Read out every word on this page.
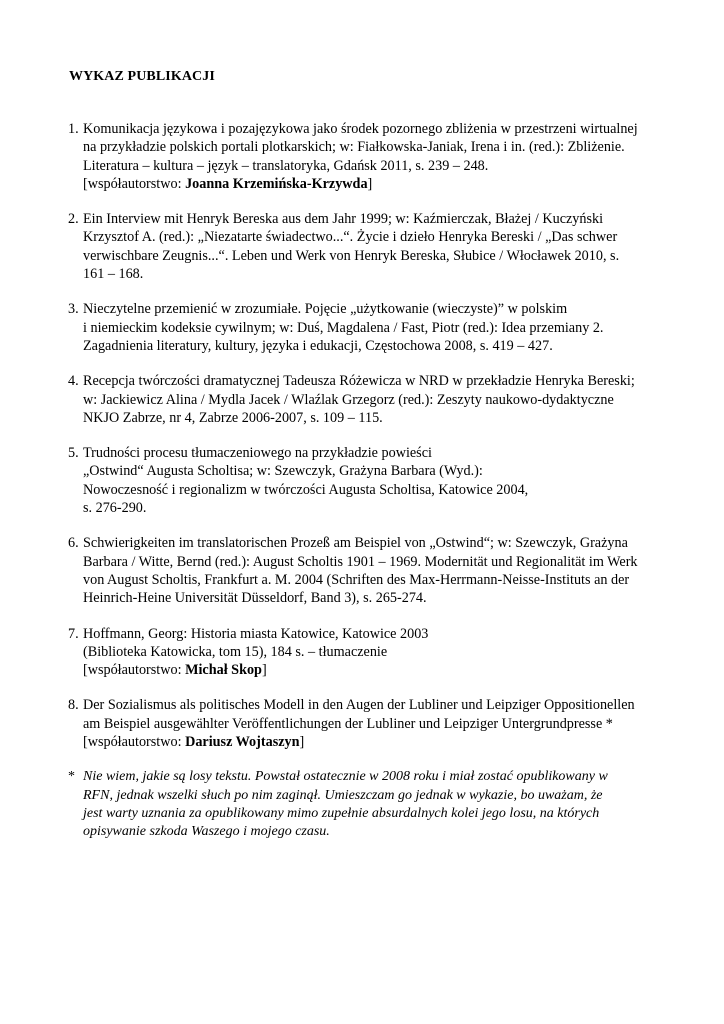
WYKAZ PUBLIKACJI
1. Komunikacja językowa i pozajęzykowa jako środek pozornego zbliżenia w przestrzeni wirtualnej
na przykładzie polskich portali plotkarskich; w: Fiałkowska-Janiak, Irena i in. (red.): Zbliżenie.
Literatura – kultura – język – translatoryka, Gdańsk 2011, s. 239 – 248.
[współautorstwo: Joanna Krzemińska-Krzywda]
2. Ein Interview mit Henryk Bereska aus dem Jahr 1999; w: Kaźmierczak, Błażej / Kuczyński
Krzysztof A. (red.): „Niezatarte świadectwo...“. Życie i dzieło Henryka Bereski / „Das schwer
verwischbare Zeugnis...“. Leben und Werk von Henryk Bereska, Słubice / Włocławek 2010, s.
161 – 168.
3. Nieczytelne przemienić w zrozumiałe. Pojęcie „użytkowanie (wieczyste)” w polskim
i niemieckim kodeksie cywilnym; w: Duś, Magdalena / Fast, Piotr (red.): Idea przemiany 2.
Zagadnienia literatury, kultury, języka i edukacji, Częstochowa 2008, s. 419 – 427.
4. Recepcja twórczości dramatycznej Tadeusza Różewicza w NRD w przekładzie Henryka Bereski;
w: Jackiewicz Alina / Mydla Jacek / Wlaźlak Grzegorz (red.): Zeszyty naukowo-dydaktyczne
NKJO Zabrze, nr 4, Zabrze 2006-2007, s. 109 – 115.
5. Trudności procesu tłumaczeniowego na przykładzie powieści
„Ostwind“ Augusta Scholtisa; w: Szewczyk, Grażyna Barbara (Wyd.):
Nowoczesność i regionalizm w twórczości Augusta Scholtisa, Katowice 2004,
s. 276-290.
6. Schwierigkeiten im translatorischen Prozeß am Beispiel von „Ostwind“; w: Szewczyk, Grażyna
Barbara / Witte, Bernd (red.): August Scholtis 1901 – 1969. Modernität und Regionalität im Werk
von August Scholtis, Frankfurt a. M. 2004 (Schriften des Max-Herrmann-Neisse-Instituts an der
Heinrich-Heine Universität Düsseldorf, Band 3), s. 265-274.
7. Hoffmann, Georg: Historia miasta Katowice, Katowice 2003
(Biblioteka Katowicka, tom 15), 184 s. – tłumaczenie
[współautorstwo: Michał Skop]
8. Der Sozialismus als politisches Modell in den Augen der Lubliner und Leipziger Oppositionellen
am Beispiel ausgewählter Veröffentlichungen der Lubliner und Leipziger Untergrundpresse *
[współautorstwo: Dariusz Wojtaszyn]
* Nie wiem, jakie są losy tekstu. Powstał ostatecznie w 2008 roku i miał zostać opublikowany w
RFN, jednak wszelki słuch po nim zaginął. Umieszczam go jednak w wykazie, bo uważam, że
jest warty uznania za opublikowany mimo zupełnie absurdalnych kolei jego losu, na których
opisywanie szkoda Waszego i mojego czasu.
